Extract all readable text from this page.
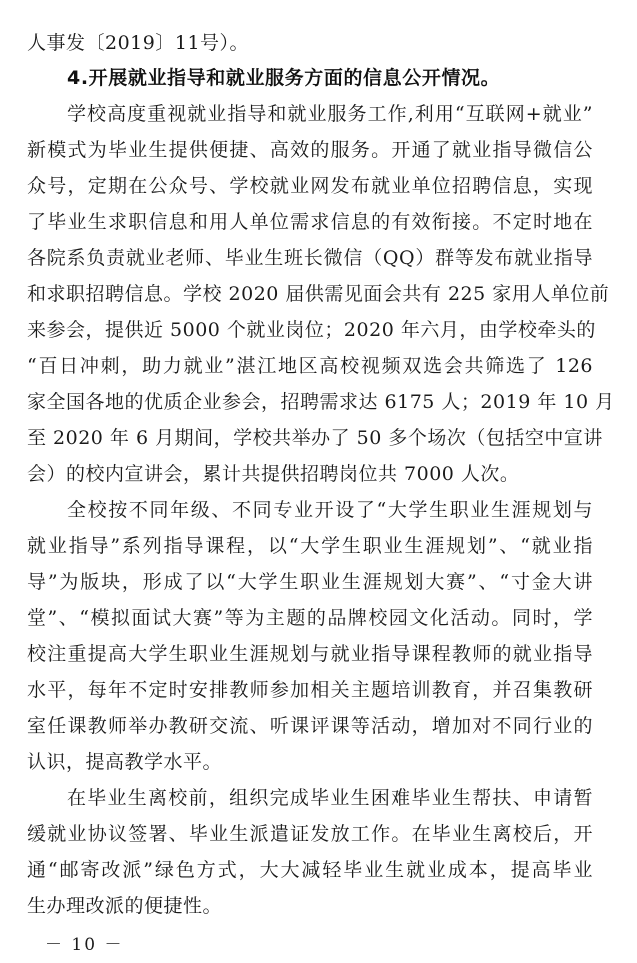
人事发〔2019〕11号）。
4.开展就业指导和就业服务方面的信息公开情况。
学校高度重视就业指导和就业服务工作,利用“互联网+就业”
新模式为毕业生提供便捷、高效的服务。开通了就业指导微信公
众号，定期在公众号、学校就业网发布就业单位招聘信息，实现
了毕业生求职信息和用人单位需求信息的有效衔接。不定时地在
各院系负责就业老师、毕业生班长微信（QQ）群等发布就业指导
和求职招聘信息。学校 2020 届供需见面会共有 225 家用人单位前
来参会，提供近 5000 个就业岗位；2020 年六月，由学校牵头的
“百日冲刺，助力就业”湛江地区高校视频双选会共筛选了 126
家全国各地的优质企业参会，招聘需求达 6175 人；2019 年 10 月
至 2020 年 6 月期间，学校共举办了 50 多个场次（包括空中宣讲
会）的校内宣讲会，累计共提供招聘岗位共 7000 人次。
全校按不同年级、不同专业开设了“大学生职业生涯规划与
就业指导”系列指导课程，以“大学生职业生涯规划”、“就业指
导”为版块，形成了以“大学生职业生涯规划大赛”、“寸金大讲
堂”、“模拟面试大赛”等为主题的品牌校园文化活动。同时，学
校注重提高大学生职业生涯规划与就业指导课程教师的就业指导
水平，每年不定时安排教师参加相关主题培训教育，并召集教研
室任课教师举办教研交流、听课评课等活动，增加对不同行业的
认识，提高教学水平。
在毕业生离校前，组织完成毕业生困难毕业生帮扶、申请暂
缓就业协议签署、毕业生派遣证发放工作。在毕业生离校后，开
通“邮寄改派”绿色方式，大大减轻毕业生就业成本，提高毕业
生办理改派的便捷性。
－ 10 －
